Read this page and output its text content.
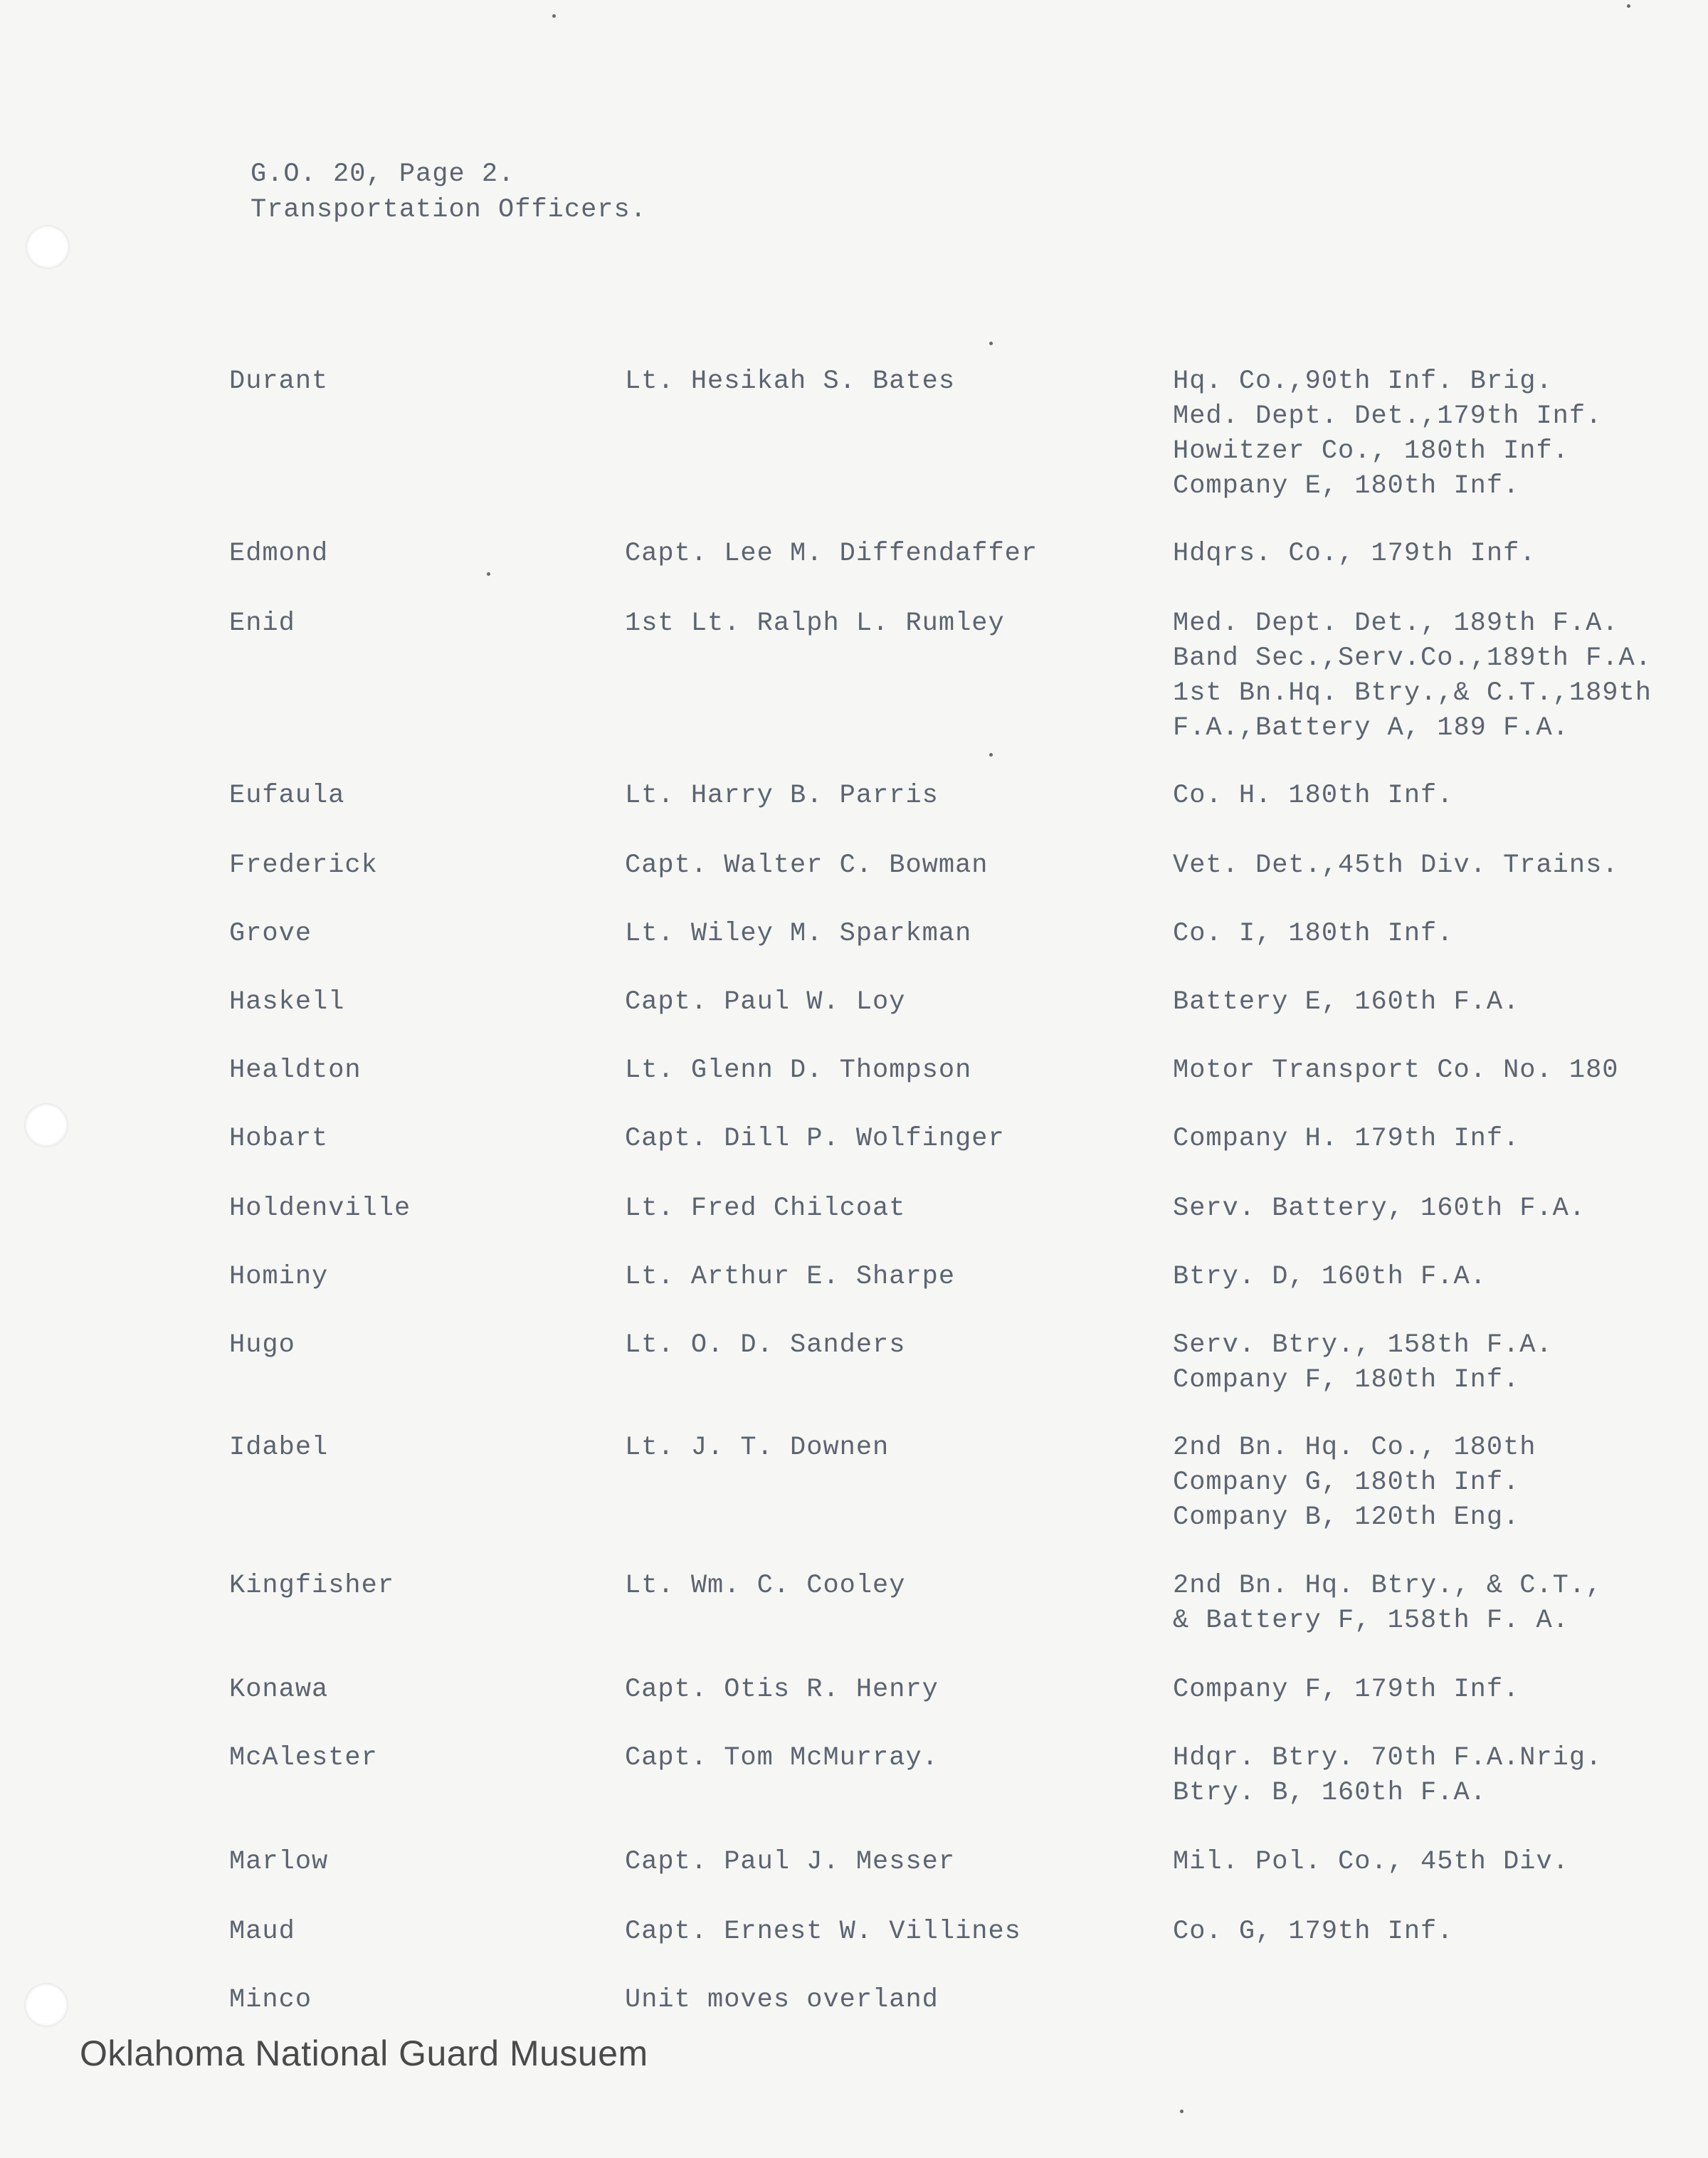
G.O. 20, Page 2.
Transportation Officers.
Durant	Lt. Hesikah S. Bates	Hq. Co.,90th Inf. Brig.
Med. Dept. Det.,179th Inf.
Howitzer Co., 180th Inf.
Company E, 180th Inf.
Edmond	Capt. Lee M. Diffendaffer	Hdqrs. Co., 179th Inf.
Enid	1st Lt. Ralph L. Rumley	Med. Dept. Det., 189th F.A.
Band Sec.,Serv.Co.,189th F.A.
1st Bn.Hq. Btry.,& C.T.,189th
F.A.,Battery A, 189 F.A.
Eufaula	Lt. Harry B. Parris	Co. H. 180th Inf.
Frederick	Capt. Walter C. Bowman	Vet. Det.,45th Div. Trains.
Grove	Lt. Wiley M. Sparkman	Co. I, 180th Inf.
Haskell	Capt. Paul W. Loy	Battery E, 160th F.A.
Healdton	Lt. Glenn D. Thompson	Motor Transport Co. No. 180
Hobart	Capt. Dill P. Wolfinger	Company H. 179th Inf.
Holdenville	Lt. Fred Chilcoat	Serv. Battery, 160th F.A.
Hominy	Lt. Arthur E. Sharpe	Btry. D, 160th F.A.
Hugo	Lt. O. D. Sanders	Serv. Btry., 158th F.A.
Company F, 180th Inf.
Idabel	Lt. J. T. Downen	2nd Bn. Hq. Co., 180th
Company G, 180th Inf.
Company B, 120th Eng.
Kingfisher	Lt. Wm. C. Cooley	2nd Bn. Hq. Btry., & C.T.,
& Battery F, 158th F. A.
Konawa	Capt. Otis R. Henry	Company F, 179th Inf.
McAlester	Capt. Tom McMurray.	Hdqr. Btry. 70th F.A.Nrig.
Btry. B, 160th F.A.
Marlow	Capt. Paul J. Messer	Mil. Pol. Co., 45th Div.
Maud	Capt. Ernest W. Villines	Co. G, 179th Inf.
Minco	Unit moves overland
Oklahoma National Guard Musuem
